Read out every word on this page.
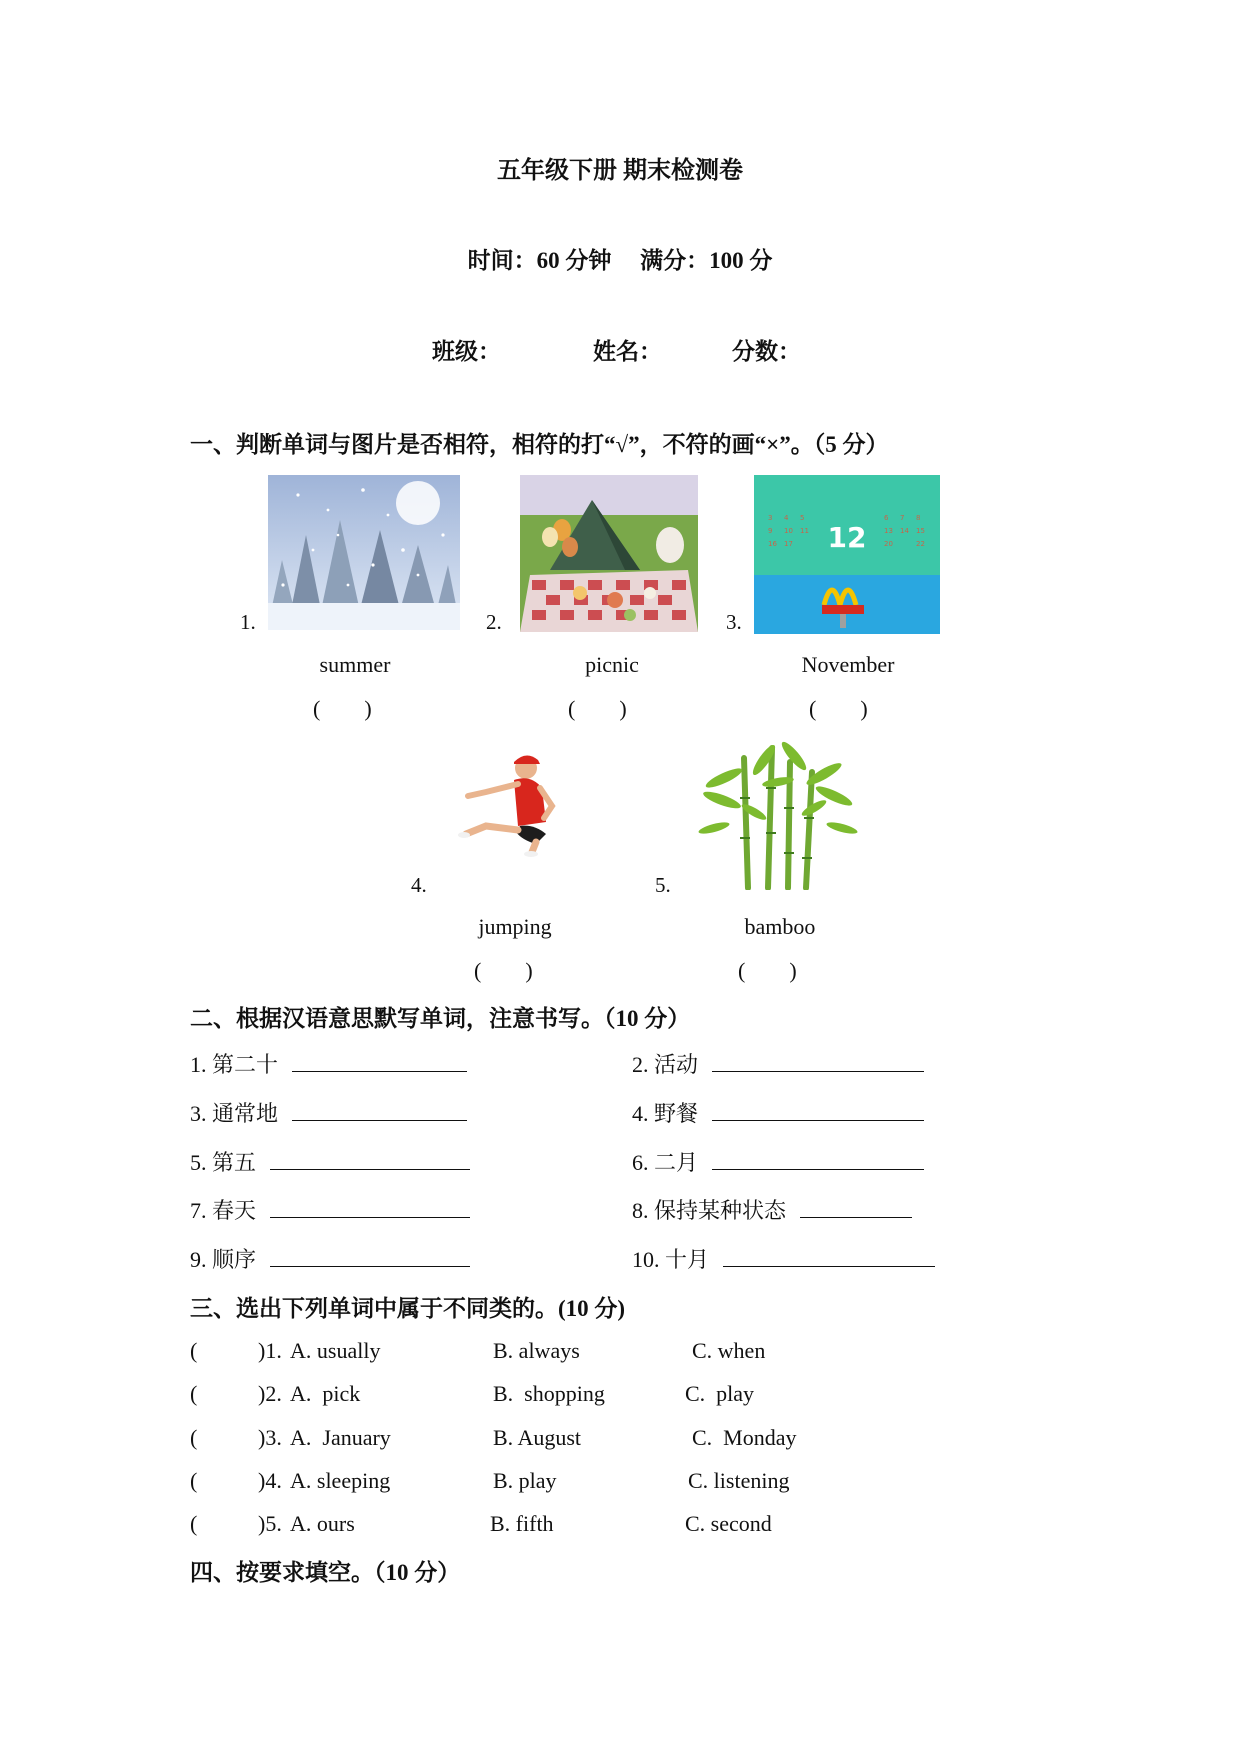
五年级下册 期末检测卷
时间：60 分钟 满分：100 分
班级：	姓名：	分数：
一、判断单词与图片是否相符，相符的打“√”，不符的画“×”。（5 分）
1.
summer
(        )
2.
picnic
(        )
3 4 5
9 10 11
6 7 8
13 14 15
16 17	20	22
12
3.
November
(        )
4.
jumping
(        )
5.
bamboo
(        )
二、根据汉语意思默写单词，注意书写。（10 分）
1. 第二十	2. 活动
3. 通常地	4. 野餐
5. 第五	6. 二月
7. 春天	8. 保持某种状态
9. 顺序	10. 十月
三、选出下列单词中属于不同类的。(10 分)
(	)1. A. usually	B. always	C. when
(	)2. A.  pick	B.  shopping	C.  play
(	)3. A.  January	B. August	C.  Monday
(	)4. A. sleeping	B. play	C. listening
(	)5. A. ours	B. fifth	C. second
四、按要求填空。（10 分）
